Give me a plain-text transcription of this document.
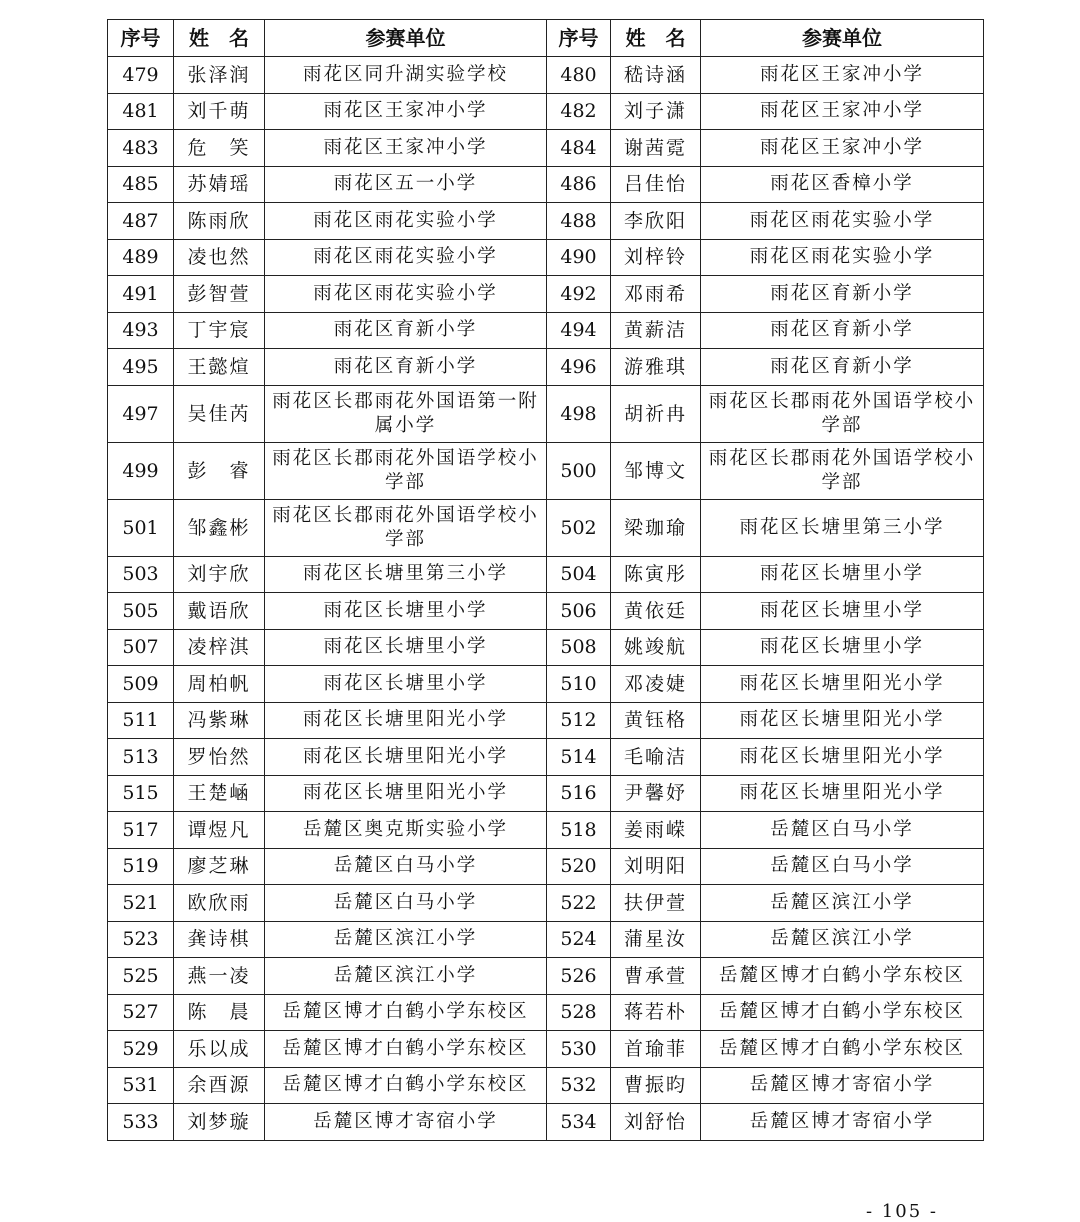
序号	姓　名	参赛单位	序号	姓　名	参赛单位
479	张泽润	雨花区同升湖实验学校	480	嵇诗涵	雨花区王家冲小学
481	刘千萌	雨花区王家冲小学	482	刘子潇	雨花区王家冲小学
483	危　笑	雨花区王家冲小学	484	谢茜霓	雨花区王家冲小学
485	苏婧瑶	雨花区五一小学	486	吕佳怡	雨花区香樟小学
487	陈雨欣	雨花区雨花实验小学	488	李欣阳	雨花区雨花实验小学
489	凌也然	雨花区雨花实验小学	490	刘梓铃	雨花区雨花实验小学
491	彭智萱	雨花区雨花实验小学	492	邓雨希	雨花区育新小学
493	丁宇宸	雨花区育新小学	494	黄薪洁	雨花区育新小学
495	王懿煊	雨花区育新小学	496	游雅琪	雨花区育新小学
497	吴佳芮	雨花区长郡雨花外国语第一附属小学	498	胡祈冉	雨花区长郡雨花外国语学校小学部
499	彭　睿	雨花区长郡雨花外国语学校小学部	500	邹博文	雨花区长郡雨花外国语学校小学部
501	邹鑫彬	雨花区长郡雨花外国语学校小学部	502	梁珈瑜	雨花区长塘里第三小学
503	刘宇欣	雨花区长塘里第三小学	504	陈寅彤	雨花区长塘里小学
505	戴语欣	雨花区长塘里小学	506	黄依廷	雨花区长塘里小学
507	凌梓淇	雨花区长塘里小学	508	姚竣航	雨花区长塘里小学
509	周柏帆	雨花区长塘里小学	510	邓凌婕	雨花区长塘里阳光小学
511	冯紫琳	雨花区长塘里阳光小学	512	黄钰格	雨花区长塘里阳光小学
513	罗怡然	雨花区长塘里阳光小学	514	毛喻洁	雨花区长塘里阳光小学
515	王楚崡	雨花区长塘里阳光小学	516	尹馨妤	雨花区长塘里阳光小学
517	谭煜凡	岳麓区奥克斯实验小学	518	姜雨嵘	岳麓区白马小学
519	廖芝琳	岳麓区白马小学	520	刘明阳	岳麓区白马小学
521	欧欣雨	岳麓区白马小学	522	扶伊萱	岳麓区滨江小学
523	龚诗棋	岳麓区滨江小学	524	蒲星汝	岳麓区滨江小学
525	燕一凌	岳麓区滨江小学	526	曹承萱	岳麓区博才白鹤小学东校区
527	陈　晨	岳麓区博才白鹤小学东校区	528	蒋若朴	岳麓区博才白鹤小学东校区
529	乐以成	岳麓区博才白鹤小学东校区	530	首瑜菲	岳麓区博才白鹤小学东校区
531	余酉源	岳麓区博才白鹤小学东校区	532	曹振昀	岳麓区博才寄宿小学
533	刘梦璇	岳麓区博才寄宿小学	534	刘舒怡	岳麓区博才寄宿小学
- 105 -
